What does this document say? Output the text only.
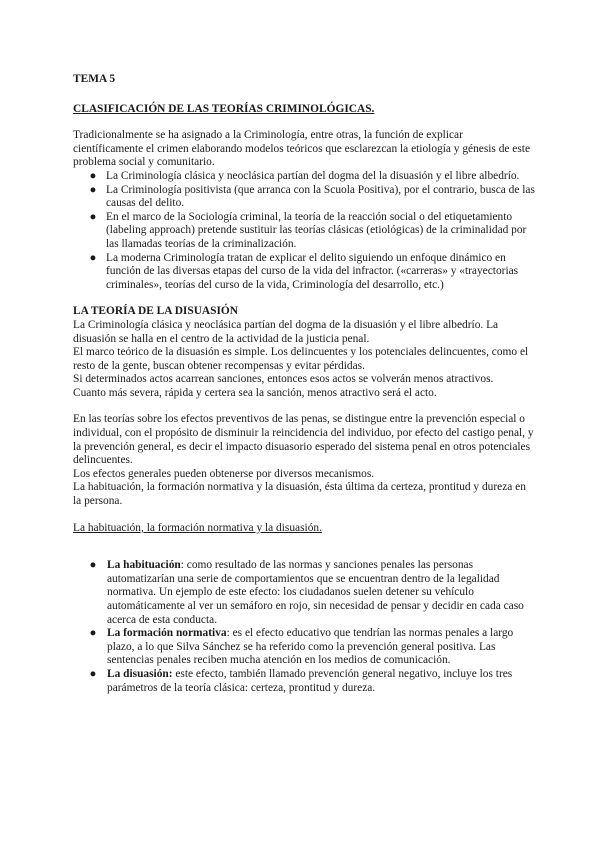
TEMA 5

CLASIFICACIÓN DE LAS TEORÍAS CRIMINOLÓGICAS.

Tradicionalmente se ha asignado a la Criminología, entre otras, la función de explicar científicamente el crimen elaborando modelos teóricos que esclarezcan la etiología y génesis de este problema social y comunitario.

● La Criminología clásica y neoclásica partían del dogma del la disuasión y el libre albedrío.
● La Criminología positivista (que arranca con la Scuola Positiva), por el contrario, busca de las causas del delito.
● En el marco de la Sociología criminal, la teoría de la reacción social o del etiquetamiento (labeling approach) pretende sustituir las teorías clásicas (etiológicas) de la criminalidad por las llamadas teorías de la criminalización.
● La moderna Criminología tratan de explicar el delito siguiendo un enfoque dinámico en función de las diversas etapas del curso de la vida del infractor. («carreras» y «trayectorias criminales», teorías del curso de la vida, Criminología del desarrollo, etc.)

LA TEORÍA DE LA DISUASIÓN

La Criminología clásica y neoclásica partían del dogma de la disuasión y el libre albedrío. La disuasión se halla en el centro de la actividad de la justicia penal.

El marco teórico de la disuasión es simple. Los delincuentes y los potenciales delincuentes, como el resto de la gente, buscan obtener recompensas y evitar pérdidas.

Si determinados actos acarrean sanciones, entonces esos actos se volverán menos atractivos.

Cuanto más severa, rápida y certera sea la sanción, menos atractivo será el acto.

En las teorías sobre los efectos preventivos de las penas, se distingue entre la prevención especial o individual, con el propósito de disminuir la reincidencia del individuo, por efecto del castigo penal, y la prevención general, es decir el impacto disuasorio esperado del sistema penal en otros potenciales delincuentes.

Los efectos generales pueden obtenerse por diversos mecanismos.

La habituación, la formación normativa y la disuasión, ésta última da certeza, prontitud y dureza en la persona.

La habituación, la formación normativa y la disuasión.

● La habituación: como resultado de las normas y sanciones penales las personas automatizarían una serie de comportamientos que se encuentran dentro de la legalidad normativa. Un ejemplo de este efecto: los ciudadanos suelen detener su vehículo automáticamente al ver un semáforo en rojo, sin necesidad de pensar y decidir en cada caso acerca de esta conducta.
● La formación normativa: es el efecto educativo que tendrían las normas penales a largo plazo, a lo que Silva Sánchez se ha referido como la prevención general positiva. Las sentencias penales reciben mucha atención en los medios de comunicación.
● La disuasión: este efecto, también llamado prevención general negativo, incluye los tres parámetros de la teoría clásica: certeza, prontitud y dureza.
